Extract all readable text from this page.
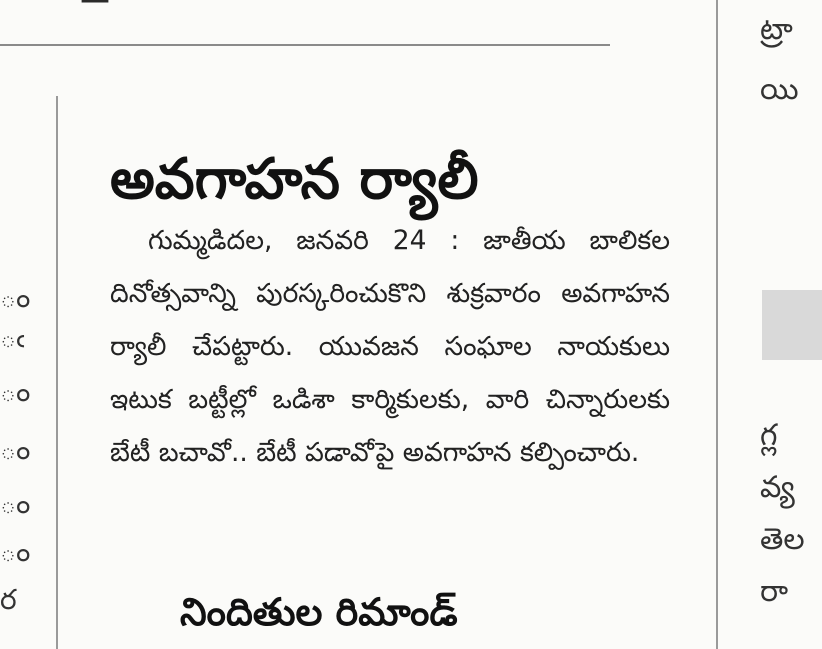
ం
ఁ
ం
ం
ం
ం
ర
అవగాహన ర్యాలీ

గుమ్మడిదల, జనవరి 24 : జాతీయ బాలికల దినోత్సవాన్ని పురస్కరించుకొని శుక్రవారం అవగాహన ర్యాలీ చేపట్టారు. యువజన సంఘాల నాయకులు ఇటుక బట్టీల్లో ఒడిశా కార్మికులకు, వారి చిన్నారులకు బేటీ బచావో.. బేటీ పడావోపై అవగాహన కల్పించారు.

నిందితుల రిమాండ్
ట్రా
యి
గ్ల
వ్య
తెల
రా
